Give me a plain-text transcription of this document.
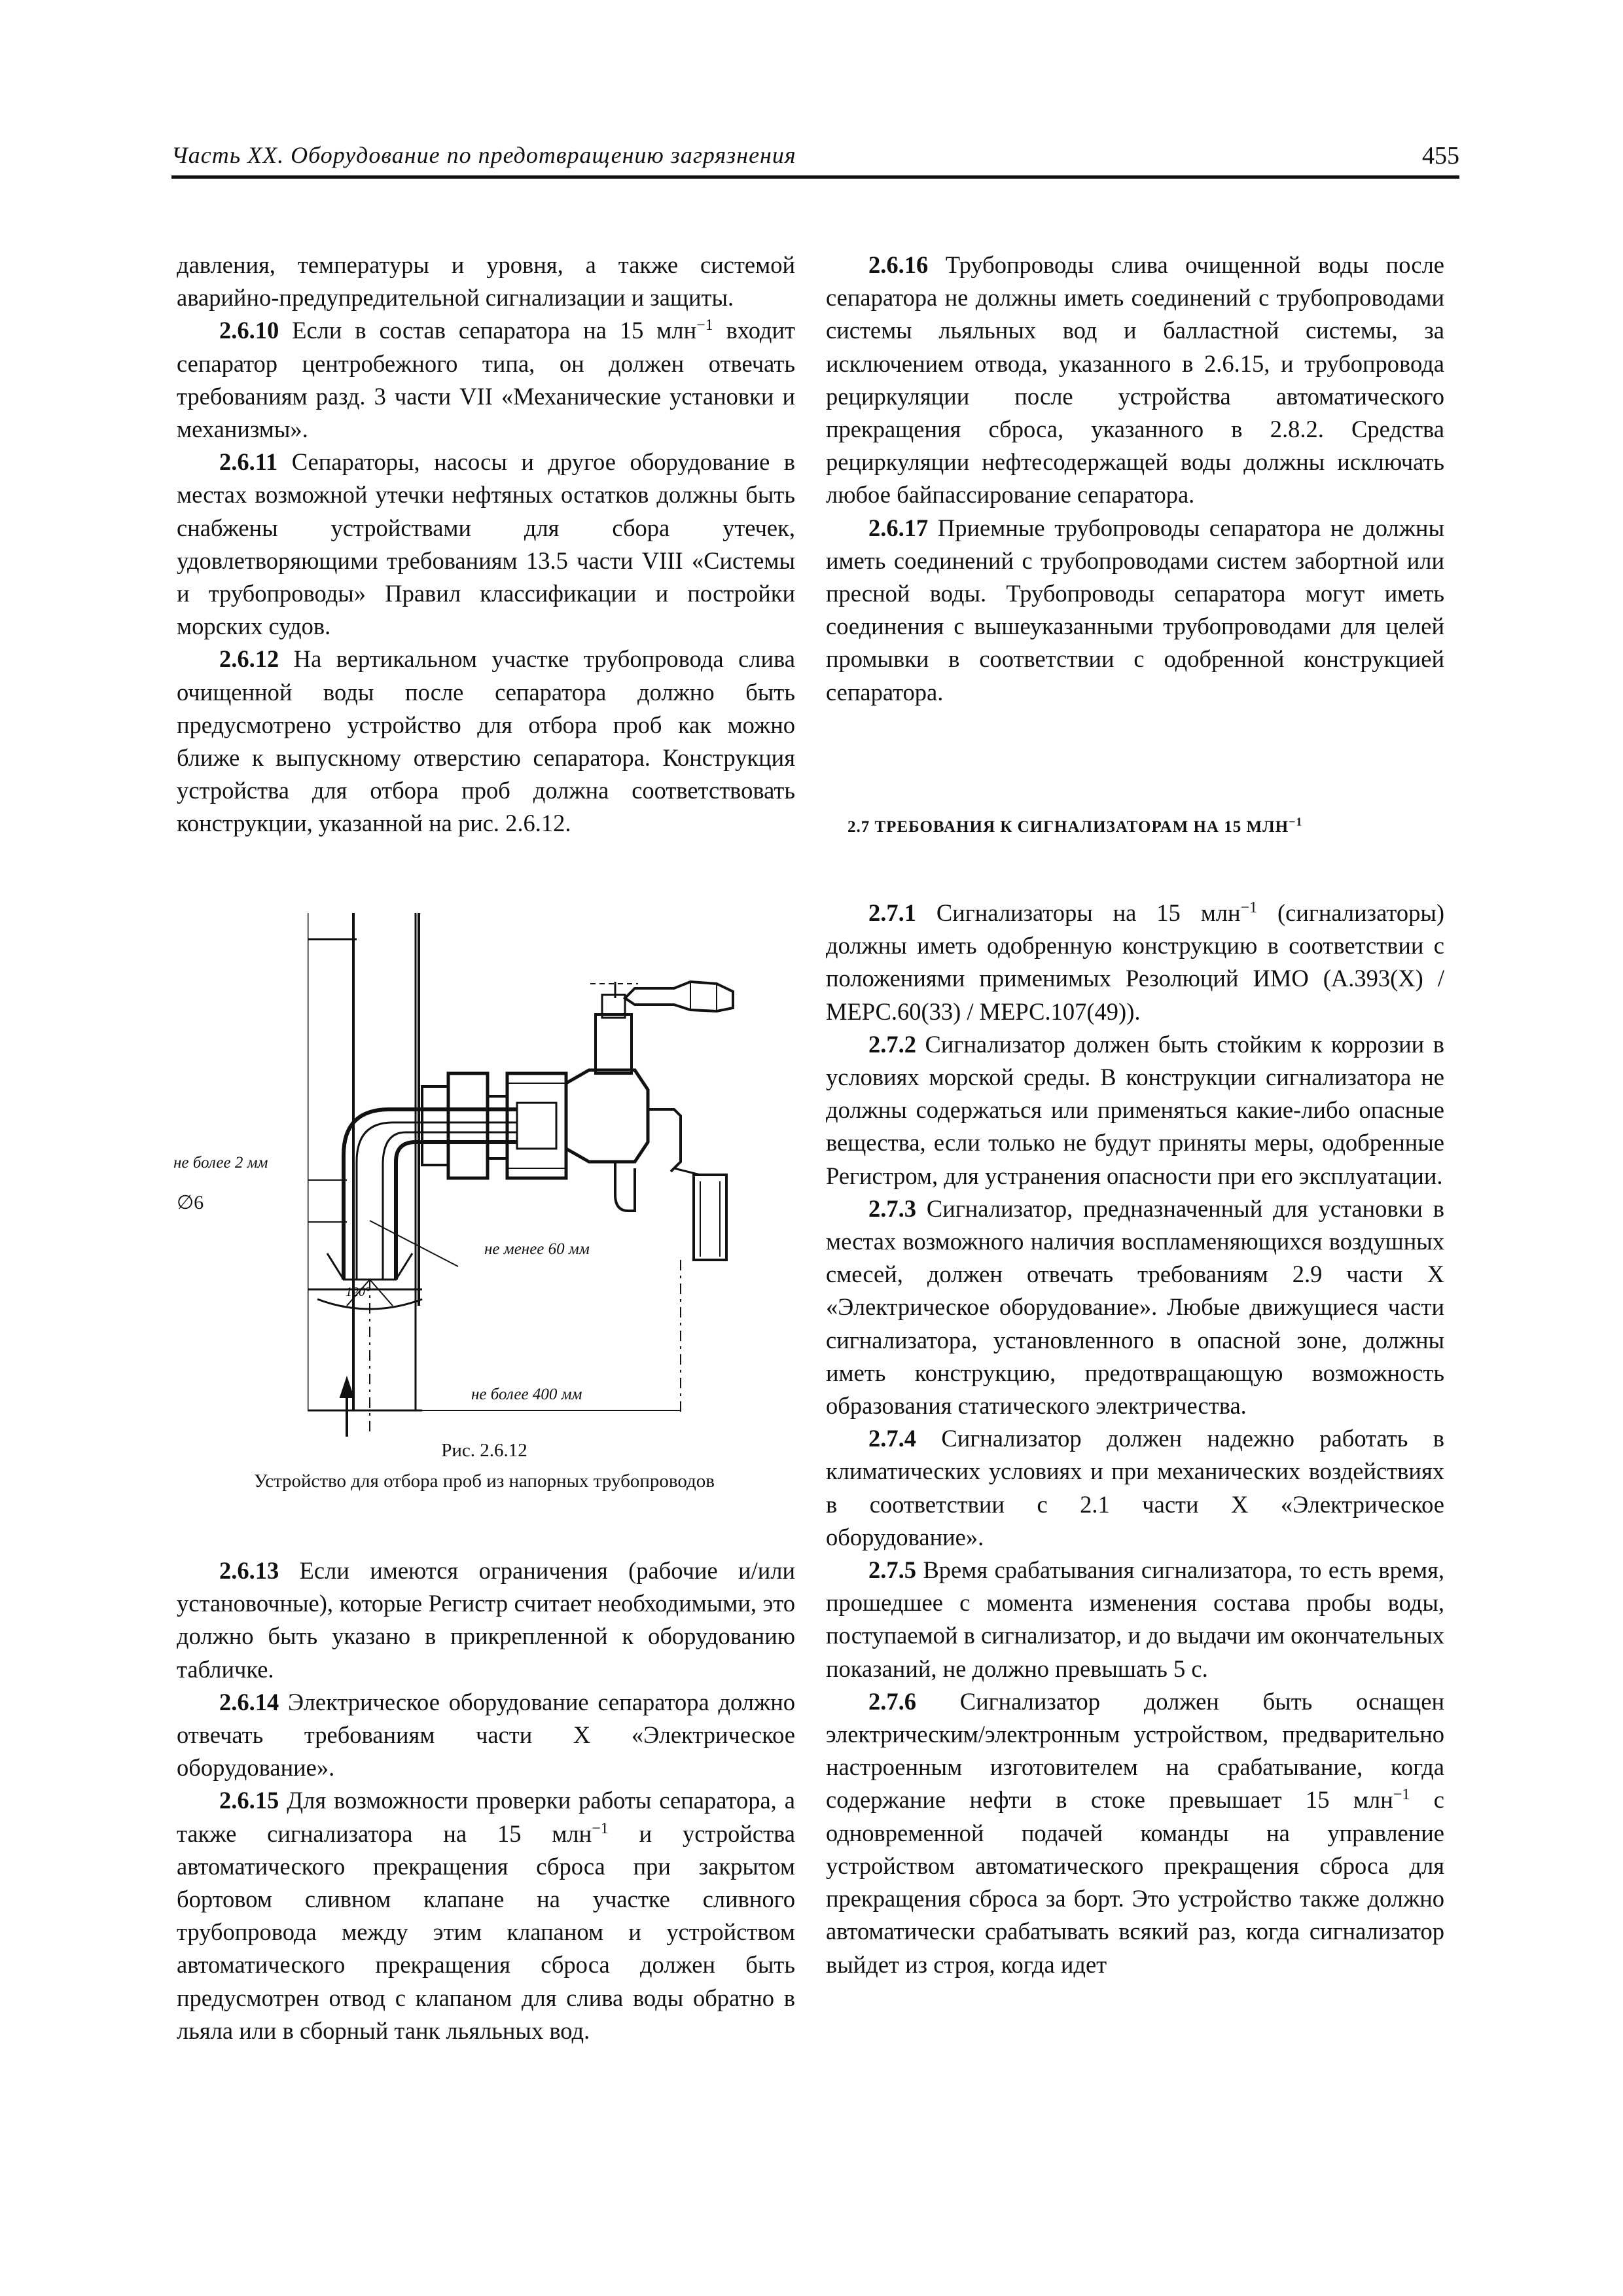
Часть XX. Оборудование по предотвращению загрязнения	455

давления, температуры и уровня, а также системой аварийно-предупредительной сигнализации и защиты.

2.6.10 Если в состав сепаратора на 15 млн$^{-1}$ входит сепаратор центробежного типа, он должен отвечать требованиям разд. 3 части VII «Механические установки и механизмы».

2.6.11 Сепараторы, насосы и другое оборудование в местах возможной утечки нефтяных остатков должны быть снабжены устройствами для сбора утечек, удовлетворяющими требованиям 13.5 части VIII «Системы и трубопроводы» Правил классификации и постройки морских судов.

2.6.12 На вертикальном участке трубопровода слива очищенной воды после сепаратора должно быть предусмотрено устройство для отбора проб как можно ближе к выпускному отверстию сепаратора. Конструкция устройства для отбора проб должна соответствовать конструкции, указанной на рис. 2.6.12.

не более 2 мм
∅6
не менее 60 мм
120°
не более 400 мм
Рис. 2.6.12
Устройство для отбора проб из напорных трубопроводов

2.6.13 Если имеются ограничения (рабочие и/или установочные), которые Регистр считает необходимыми, это должно быть указано в прикрепленной к оборудованию табличке.

2.6.14 Электрическое оборудование сепаратора должно отвечать требованиям части X «Электрическое оборудование».

2.6.15 Для возможности проверки работы сепаратора, а также сигнализатора на 15 млн$^{-1}$ и устройства автоматического прекращения сброса при закрытом бортовом сливном клапане на участке сливного трубопровода между этим клапаном и устройством автоматического прекращения сброса должен быть предусмотрен отвод с клапаном для слива воды обратно в льяла или в сборный танк льяльных вод.

2.6.16 Трубопроводы слива очищенной воды после сепаратора не должны иметь соединений с трубопроводами системы льяльных вод и балластной системы, за исключением отвода, указанного в 2.6.15, и трубопровода рециркуляции после устройства автоматического прекращения сброса, указанного в 2.8.2. Средства рециркуляции нефтесодержащей воды должны исключать любое байпассирование сепаратора.

2.6.17 Приемные трубопроводы сепаратора не должны иметь соединений с трубопроводами систем забортной или пресной воды. Трубопроводы сепаратора могут иметь соединения с вышеуказанными трубопроводами для целей промывки в соответствии с одобренной конструкцией сепаратора.

2.7 ТРЕБОВАНИЯ К СИГНАЛИЗАТОРАМ НА 15 $МЛН^{-1}$

2.7.1 Сигнализаторы на 15 млн$^{-1}$ (сигнализаторы) должны иметь одобренную конструкцию в соответствии с положениями применимых Резолюций ИМО (A.393(X) / МЕРС.60(33) / МЕРС.107(49)).

2.7.2 Сигнализатор должен быть стойким к коррозии в условиях морской среды. В конструкции сигнализатора не должны содержаться или применяться какие-либо опасные вещества, если только не будут приняты меры, одобренные Регистром, для устранения опасности при его эксплуатации.

2.7.3 Сигнализатор, предназначенный для установки в местах возможного наличия воспламеняющихся воздушных смесей, должен отвечать требованиям 2.9 части X «Электрическое оборудование». Любые движущиеся части сигнализатора, установленного в опасной зоне, должны иметь конструкцию, предотвращающую возможность образования статического электричества.

2.7.4 Сигнализатор должен надежно работать в климатических условиях и при механических воздействиях в соответствии с 2.1 части X «Электрическое оборудование».

2.7.5 Время срабатывания сигнализатора, то есть время, прошедшее с момента изменения состава пробы воды, поступаемой в сигнализатор, и до выдачи им окончательных показаний, не должно превышать 5 с.

2.7.6 Сигнализатор должен быть оснащен электрическим/электронным устройством, предварительно настроенным изготовителем на срабатывание, когда содержание нефти в стоке превышает 15 млн$^{-1}$ с одновременной подачей команды на управление устройством автоматического прекращения сброса для прекращения сброса за борт. Это устройство также должно автоматически срабатывать всякий раз, когда сигнализатор выйдет из строя, когда идет
